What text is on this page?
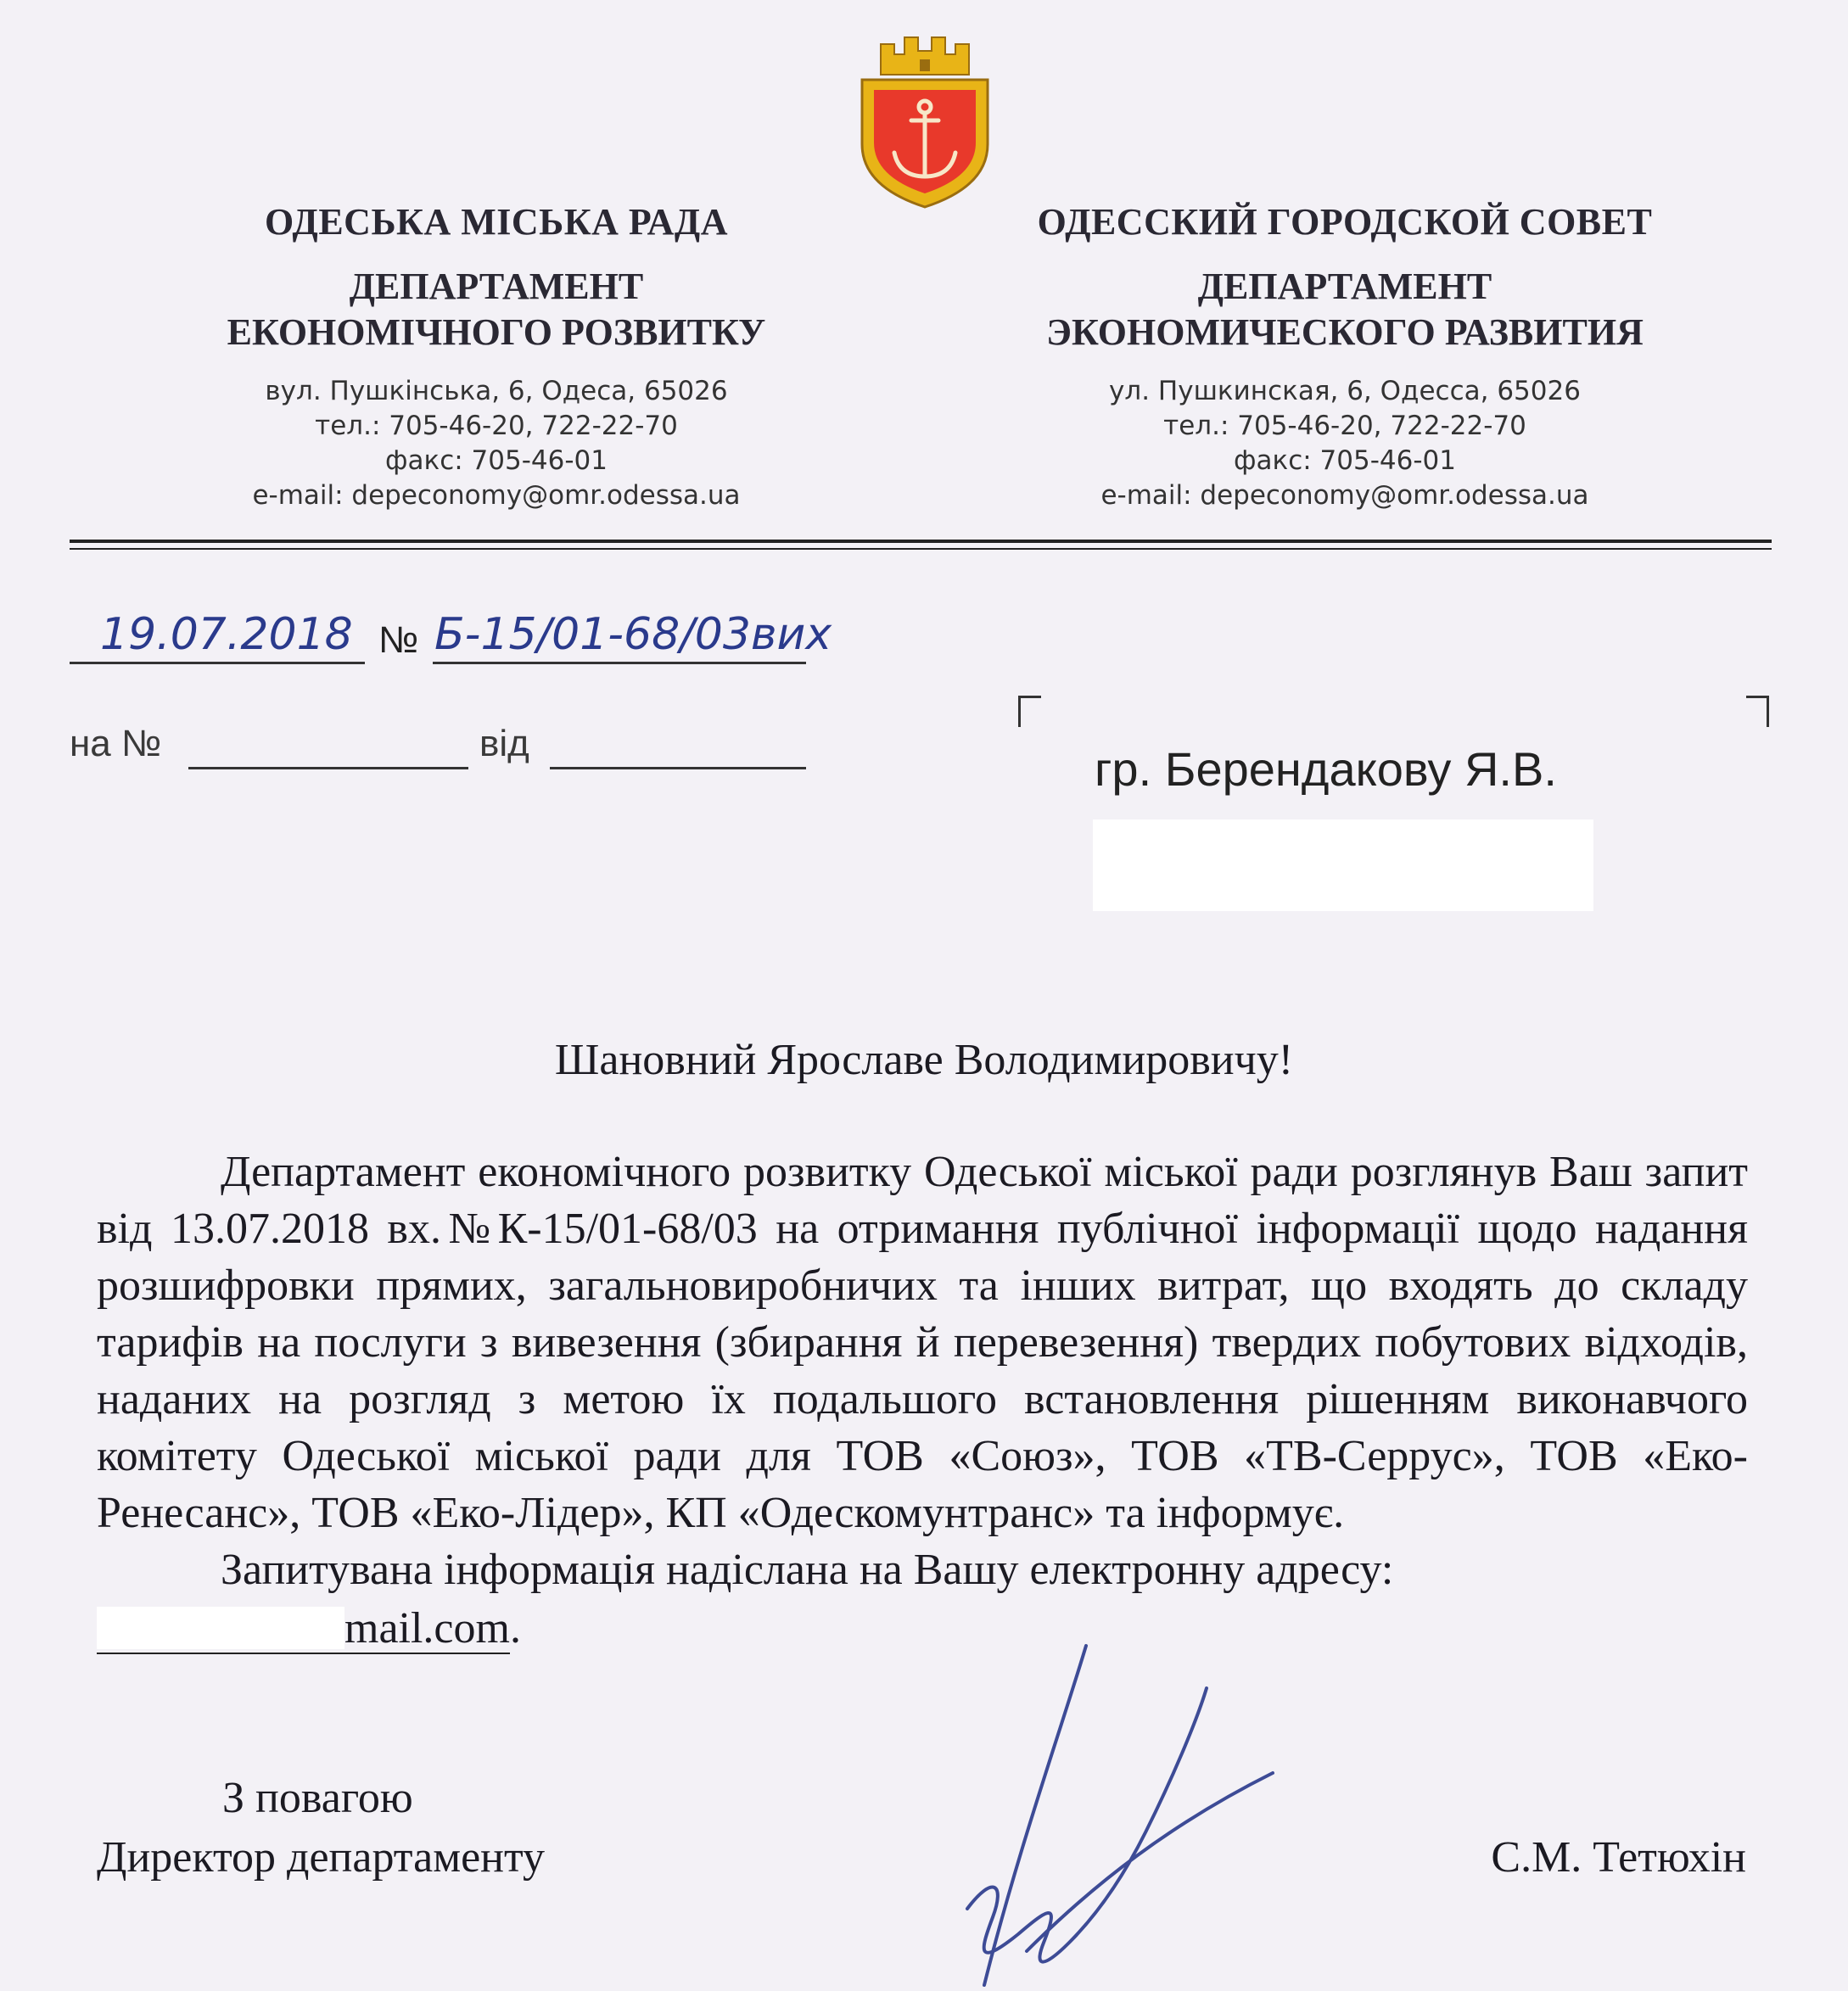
ОДЕСЬКА МІСЬКА РАДА
ДЕПАРТАМЕНТ
ЕКОНОМІЧНОГО РОЗВИТКУ
вул. Пушкінська, 6, Одеса, 65026
тел.: 705-46-20, 722-22-70
факс: 705-46-01
e-mail: depeconomy@omr.odessa.ua
ОДЕССКИЙ ГОРОДСКОЙ СОВЕТ
ДЕПАРТАМЕНТ
ЭКОНОМИЧЕСКОГО РАЗВИТИЯ
ул. Пушкинская, 6, Одесса, 65026
тел.: 705-46-20, 722-22-70
факс: 705-46-01
e-mail: depeconomy@omr.odessa.ua
19.07.2018 № Б-15/01-68/03вих
на №	від	гр. Берендакову Я.В.
Шановний Ярославе Володимировичу!

Департамент економічного розвитку Одеської міської ради розглянув Ваш запит від 13.07.2018 вх.№К-15/01-68/03 на отримання публічної інформації щодо надання розшифровки прямих, загальновиробничих та інших витрат, що входять до складу тарифів на послуги з вивезення (збирання й перевезення) твердих побутових відходів, наданих на розгляд з метою їх подальшого встановлення рішенням виконавчого комітету Одеської міської ради для ТОВ «Союз», ТОВ «ТВ-Серрус», ТОВ «Еко-Ренесанс», ТОВ «Еко-Лідер», КП «Одескомунтранс» та інформує.

Запитувана інформація надіслана на Вашу електронну адресу:

mail.com.
З повагою
Директор департаменту	С.М. Тетюхін
